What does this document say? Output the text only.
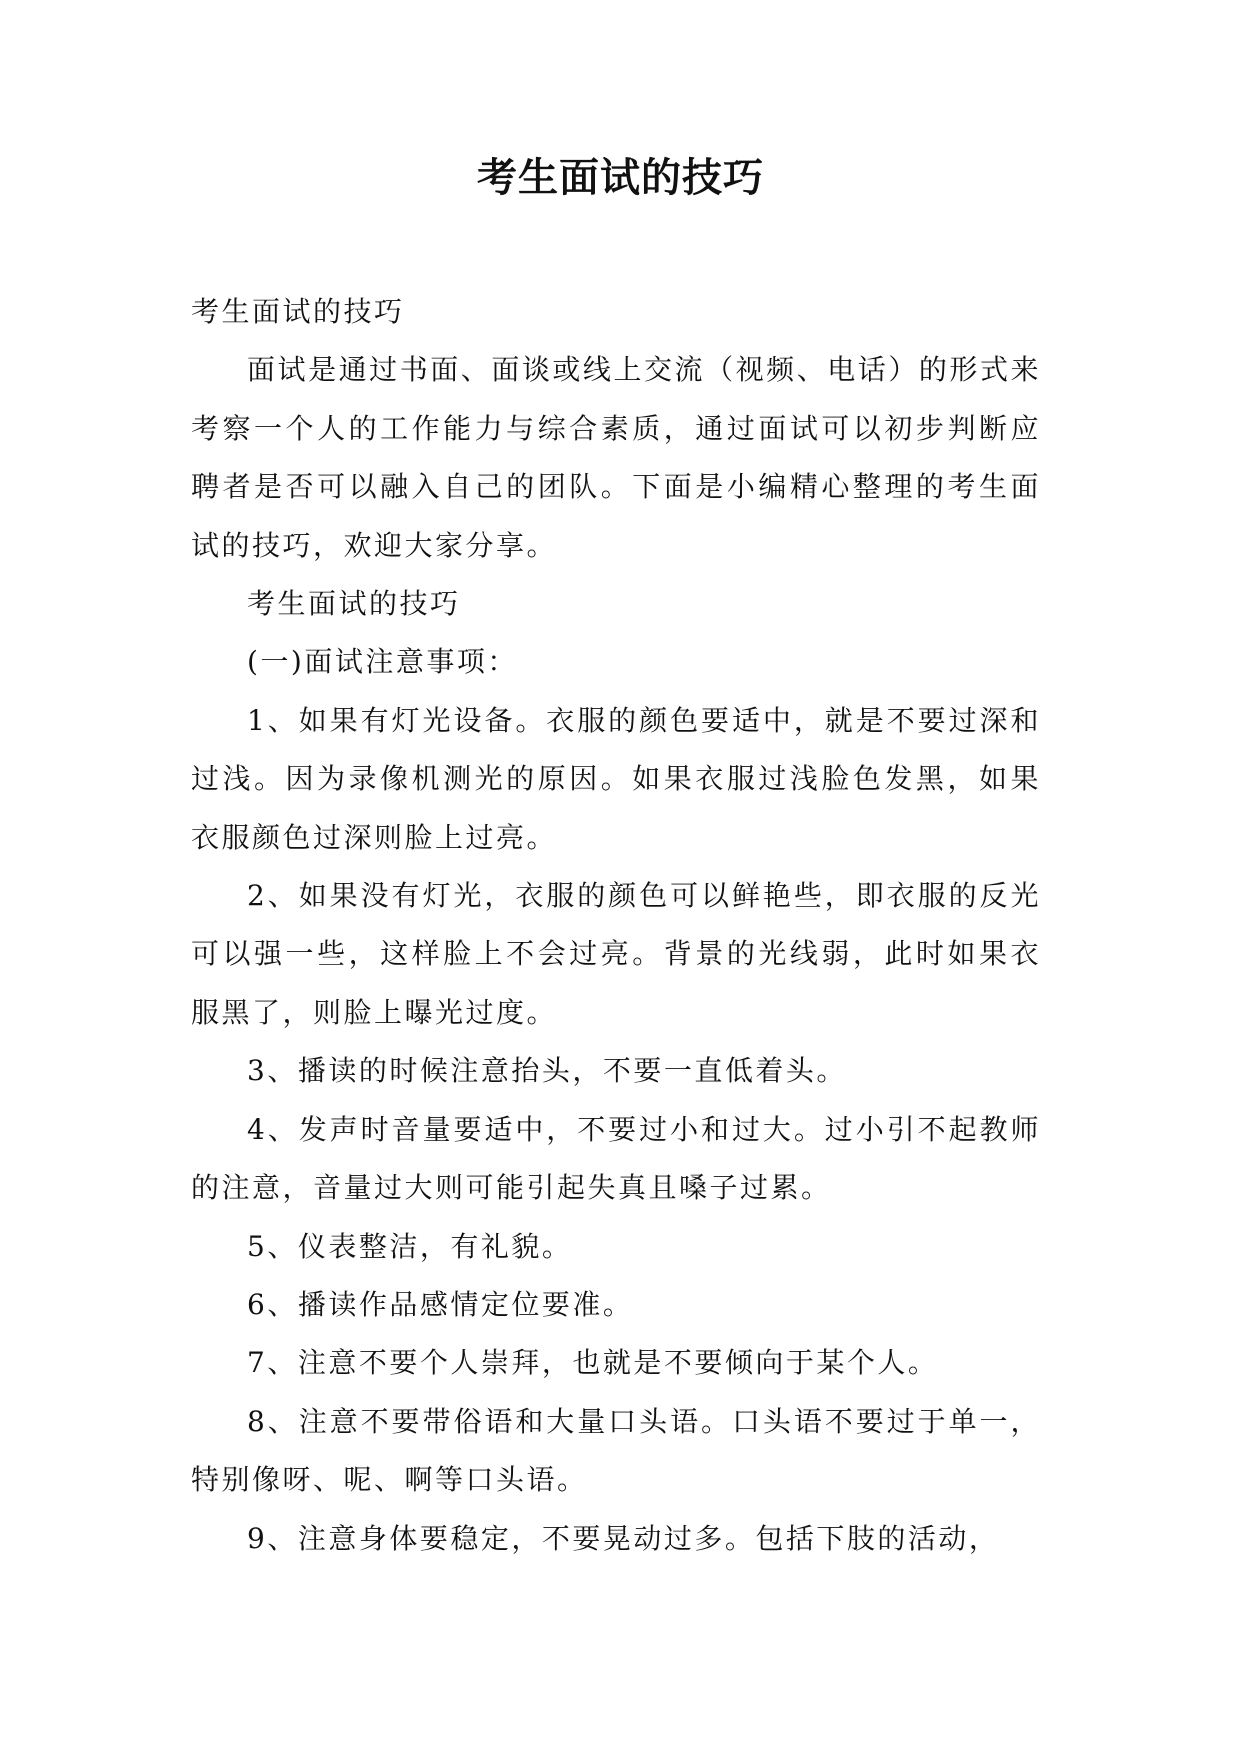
考生面试的技巧

考生面试的技巧

面试是通过书面、面谈或线上交流（视频、电话）的形式来考察一个人的工作能力与综合素质，通过面试可以初步判断应聘者是否可以融入自己的团队。下面是小编精心整理的考生面试的技巧，欢迎大家分享。

考生面试的技巧

(一)面试注意事项：

1、如果有灯光设备。衣服的颜色要适中，就是不要过深和过浅。因为录像机测光的原因。如果衣服过浅脸色发黑，如果衣服颜色过深则脸上过亮。

2、如果没有灯光，衣服的颜色可以鲜艳些，即衣服的反光可以强一些，这样脸上不会过亮。背景的光线弱，此时如果衣服黑了，则脸上曝光过度。

3、播读的时候注意抬头，不要一直低着头。

4、发声时音量要适中，不要过小和过大。过小引不起教师的注意，音量过大则可能引起失真且嗓子过累。

5、仪表整洁，有礼貌。

6、播读作品感情定位要准。

7、注意不要个人崇拜，也就是不要倾向于某个人。

8、注意不要带俗语和大量口头语。口头语不要过于单一，特别像呀、呢、啊等口头语。

9、注意身体要稳定，不要晃动过多。包括下肢的活动，
